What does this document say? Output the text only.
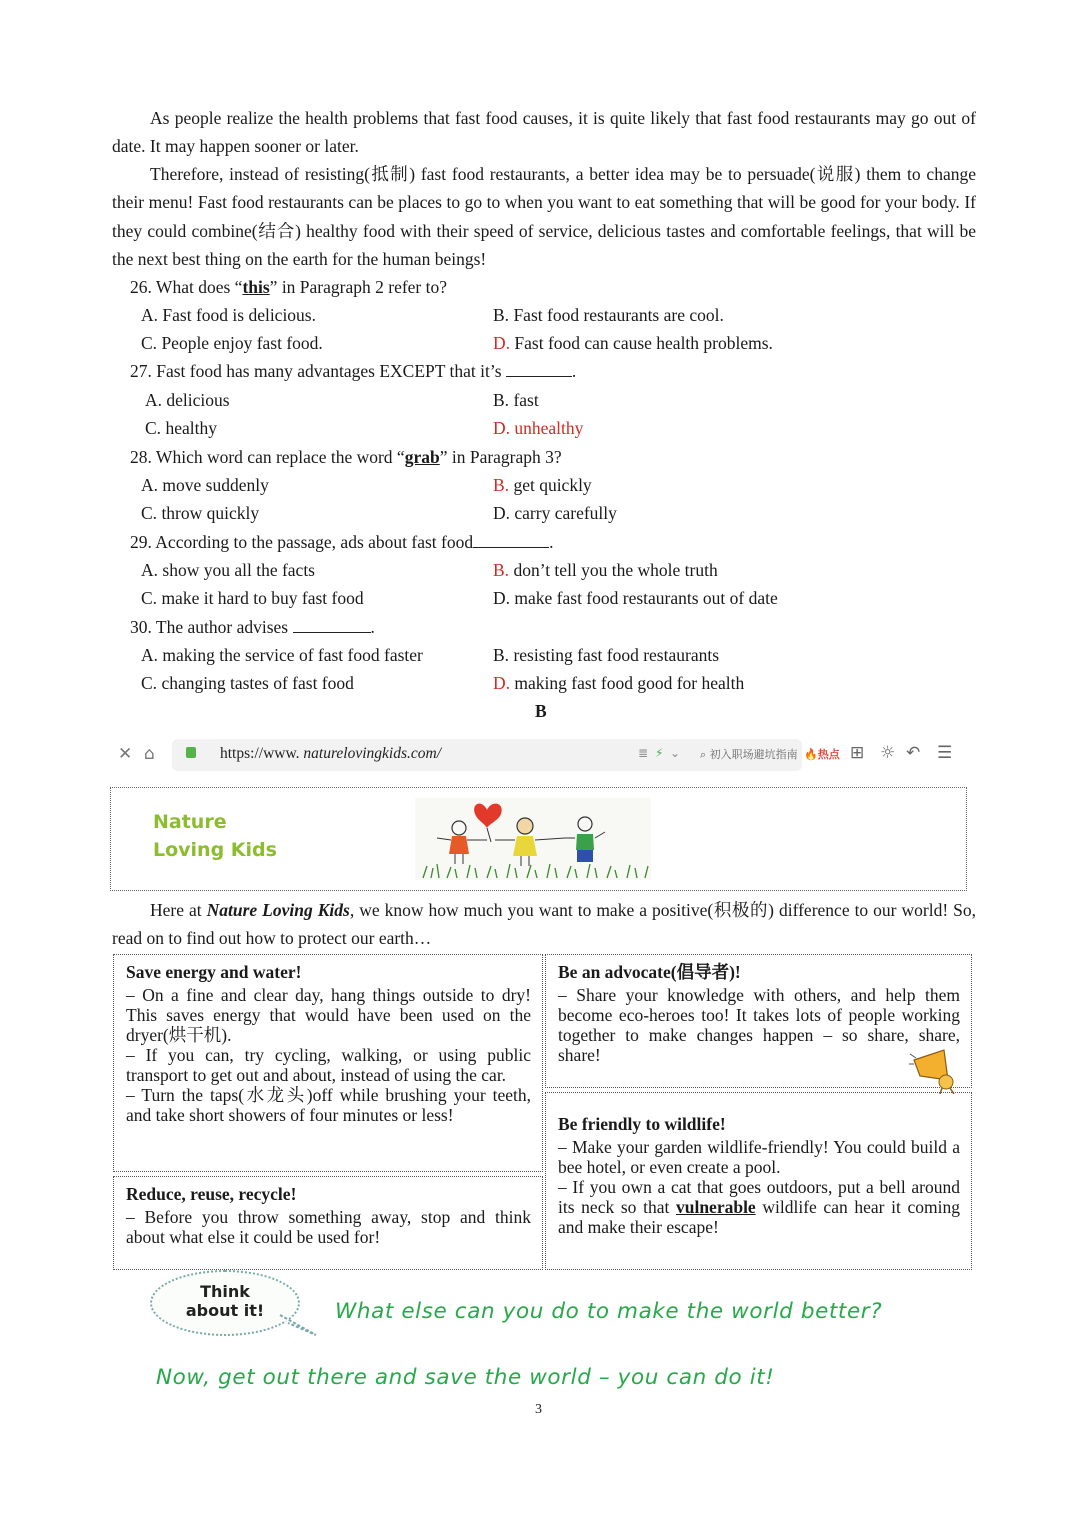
As people realize the health problems that fast food causes, it is quite likely that fast food restaurants may go out of date. It may happen sooner or later.
Therefore, instead of resisting(抵制) fast food restaurants, a better idea may be to persuade(说服) them to change their menu! Fast food restaurants can be places to go to when you want to eat something that will be good for your body. If they could combine(结合) healthy food with their speed of service, delicious tastes and comfortable feelings, that will be the next best thing on the earth for the human beings!
26. What does “this” in Paragraph 2 refer to?
A. Fast food is delicious.	B. Fast food restaurants are cool.
C. People enjoy fast food.	D. Fast food can cause health problems.
27. Fast food has many advantages EXCEPT that it’s	.
A. delicious	B. fast
C. healthy	D. unhealthy
28. Which word can replace the word “grab” in Paragraph 3?
A. move suddenly	B. get quickly
C. throw quickly	D. carry carefully
29. According to the passage, ads about fast food	.
A. show you all the facts	B. don’t tell you the whole truth
C. make it hard to buy fast food	D. make fast food restaurants out of date
30. The author advises	.
A. making the service of fast food faster	B. resisting fast food restaurants
C. changing tastes of fast food	D. making fast food good for health
B
✕ ⌂	https://www. naturelovingkids.com/	≣ ⚡ ⌄ ⌕ 初入职场避坑指南 🔥热点 ⊞ ☼ ↶ ☰
Nature
Loving Kids
Here at Nature Loving Kids, we know how much you want to make a positive(积极的) difference to our world! So, read on to find out how to protect our earth…
Save energy and water!

– On a fine and clear day, hang things outside to dry! This saves energy that would have been used on the dryer(烘干机).

– If you can, try cycling, walking, or using public transport to get out and about, instead of using the car.

– Turn the taps(水龙头)off while brushing your teeth, and take short showers of four minutes or less!

Reduce, reuse, recycle!

– Before you throw something away, stop and think about what else it could be used for!

Be an advocate(倡导者)!

– Share your knowledge with others, and help them become eco-heroes too! It takes lots of people working together to make changes happen – so share, share, share!

Be friendly to wildlife!

– Make your garden wildlife-friendly! You could build a bee hotel, or even create a pool.

– If you own a cat that goes outdoors, put a bell around its neck so that vulnerable wildlife can hear it coming and make their escape!

Think
about it!	What else can you do to make the world better?
Now, get out there and save the world – you can do it!
3
